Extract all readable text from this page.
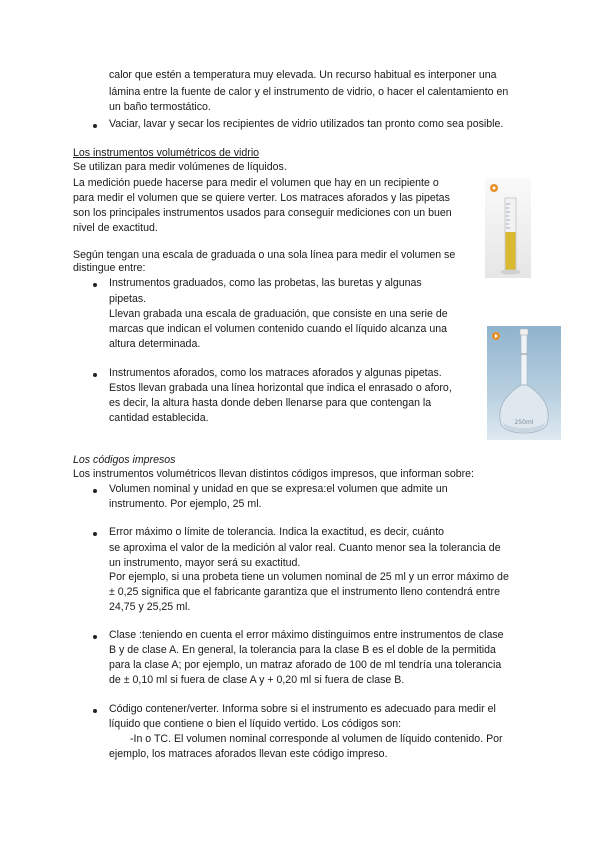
calor que estén a temperatura muy elevada. Un recurso habitual es interponer una
lámina entre la fuente de calor y el instrumento de vidrio, o hacer el calentamiento en
un baño termostático.
Vaciar, lavar y secar los recipientes de vidrio utilizados tan pronto como sea posible.
Los instrumentos volumétricos de vidrio
Se utilizan para medir volúmenes de líquidos.
La medición puede hacerse para medir el volumen que hay en un recipiente o
para medir el volumen que se quiere verter. Los matraces aforados y las pipetas
son los principales instrumentos usados para conseguir mediciones con un buen
nivel de exactitud.
Según tengan una escala de graduada o una sola línea para medir el volumen se
distingue entre:
Instrumentos graduados, como las probetas, las buretas y algunas
pipetas.
Llevan grabada una escala de graduación, que consiste en una serie de
marcas que indican el volumen contenido cuando el líquido alcanza una
altura determinada.
250ml
Instrumentos aforados, como los matraces aforados y algunas pipetas.
Estos llevan grabada una línea horizontal que indica el enrasado o aforo,
es decir, la altura hasta donde deben llenarse para que contengan la
cantidad establecida.
Los códigos impresos
Los instrumentos volumétricos llevan distintos códigos impresos, que informan sobre:
Volumen nominal y unidad en que se expresa:el volumen que admite un
instrumento. Por ejemplo, 25 ml.
Error máximo o límite de tolerancia. Indica la exactitud, es decir, cuánto
se aproxima el valor de la medición al valor real. Cuanto menor sea la tolerancia de
un instrumento, mayor será su exactitud.
Por ejemplo, si una probeta tiene un volumen nominal de 25 ml y un error máximo de
± 0,25 significa que el fabricante garantiza que el instrumento lleno contendrá entre
24,75 y 25,25 ml.
Clase :teniendo en cuenta el error máximo distinguimos entre instrumentos de clase
B y de clase A. En general, la tolerancia para la clase B es el doble de la permitida
para la clase A; por ejemplo, un matraz aforado de 100 de ml tendría una tolerancia
de ± 0,10 ml si fuera de clase A y + 0,20 ml si fuera de clase B.
Código contener/verter. Informa sobre si el instrumento es adecuado para medir el
líquido que contiene o bien el líquido vertido. Los códigos son:
-In o TC. El volumen nominal corresponde al volumen de líquido contenido. Por
ejemplo, los matraces aforados llevan este código impreso.
